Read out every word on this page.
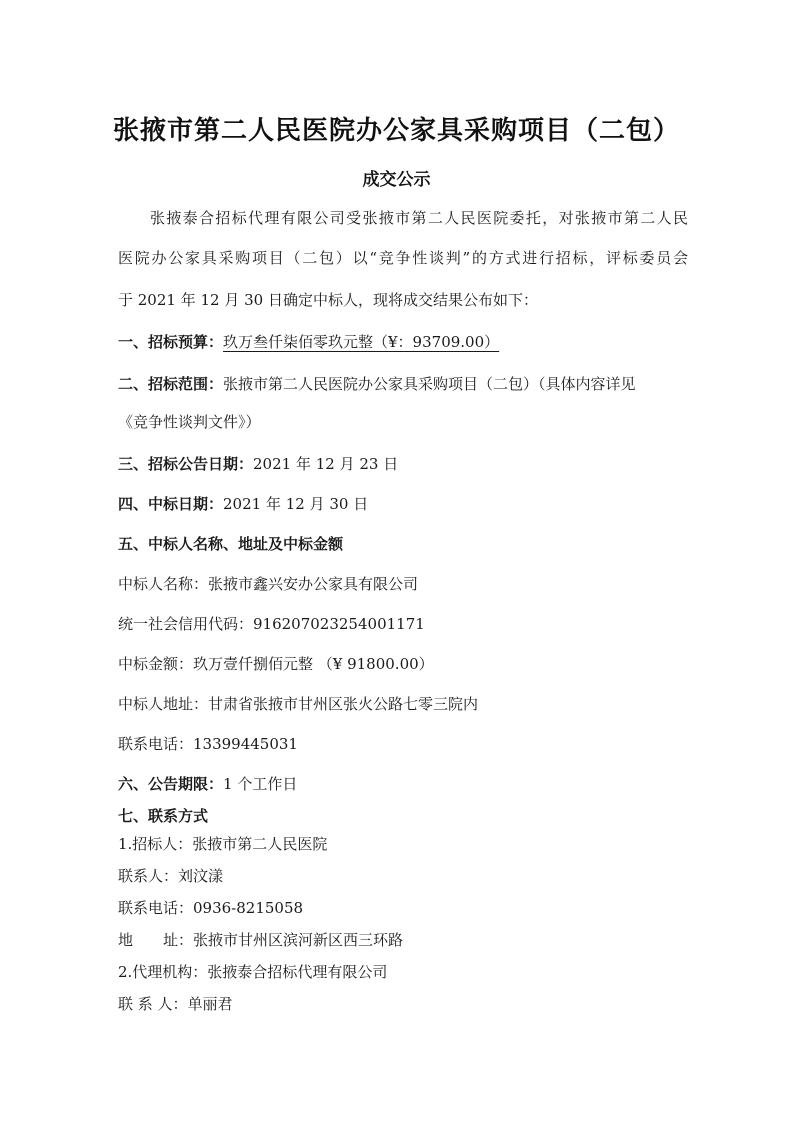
张掖市第二人民医院办公家具采购项目（二包）
成交公示
张掖泰合招标代理有限公司受张掖市第二人民医院委托，对张掖市第二人民
医院办公家具采购项目（二包）以“竞争性谈判”的方式进行招标，评标委员会
于 2021 年 12 月 30 日确定中标人，现将成交结果公布如下：
一、招标预算：玖万叁仟柒佰零玖元整（¥：93709.00）
二、招标范围：张掖市第二人民医院办公家具采购项目（二包）（具体内容详见
《竞争性谈判文件》）
三、招标公告日期：2021 年 12 月 23 日
四、中标日期：2021 年 12 月 30 日
五、中标人名称、地址及中标金额
中标人名称：张掖市鑫兴安办公家具有限公司
统一社会信用代码：916207023254001171
中标金额：玖万壹仟捌佰元整 （¥ 91800.00）
中标人地址：甘肃省张掖市甘州区张火公路七零三院内
联系电话：13399445031
六、公告期限：1 个工作日
七、联系方式
1.招标人：张掖市第二人民医院
联系人：刘汶漾
联系电话：0936-8215058
地　　址：张掖市甘州区滨河新区西三环路
2.代理机构：张掖泰合招标代理有限公司
联 系 人：单丽君
